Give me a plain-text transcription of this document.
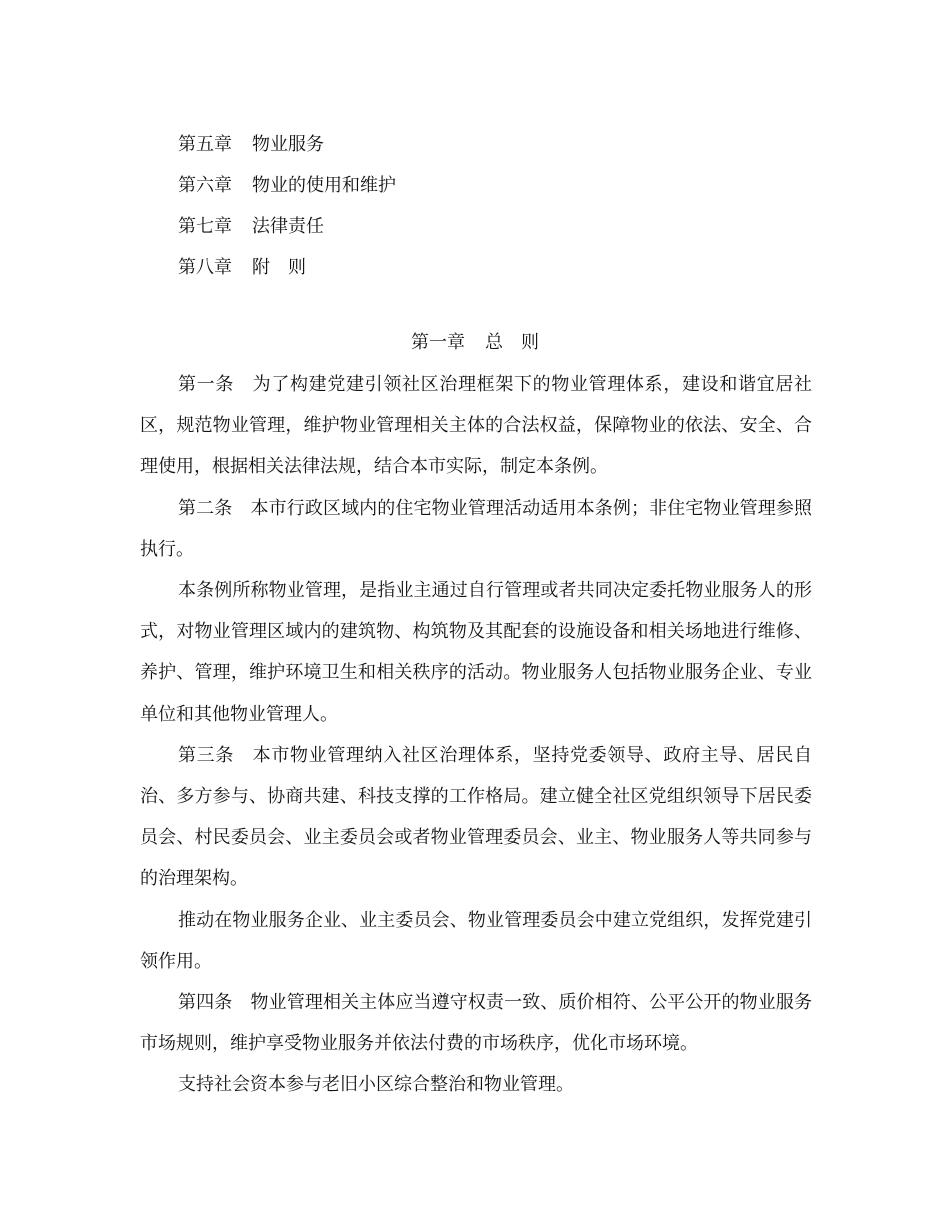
第五章 物业服务
第六章 物业的使用和维护
第七章 法律责任
第八章 附　则
第一章 总　则

第一条 为了构建党建引领社区治理框架下的物业管理体系，建设和谐宜居社区，规范物业管理，维护物业管理相关主体的合法权益，保障物业的依法、安全、合理使用，根据相关法律法规，结合本市实际，制定本条例。

第二条 本市行政区域内的住宅物业管理活动适用本条例；非住宅物业管理参照执行。

本条例所称物业管理，是指业主通过自行管理或者共同决定委托物业服务人的形式，对物业管理区域内的建筑物、构筑物及其配套的设施设备和相关场地进行维修、养护、管理，维护环境卫生和相关秩序的活动。物业服务人包括物业服务企业、专业单位和其他物业管理人。

第三条 本市物业管理纳入社区治理体系，坚持党委领导、政府主导、居民自治、多方参与、协商共建、科技支撑的工作格局。建立健全社区党组织领导下居民委员会、村民委员会、业主委员会或者物业管理委员会、业主、物业服务人等共同参与的治理架构。

推动在物业服务企业、业主委员会、物业管理委员会中建立党组织，发挥党建引领作用。

第四条 物业管理相关主体应当遵守权责一致、质价相符、公平公开的物业服务市场规则，维护享受物业服务并依法付费的市场秩序，优化市场环境。

支持社会资本参与老旧小区综合整治和物业管理。
